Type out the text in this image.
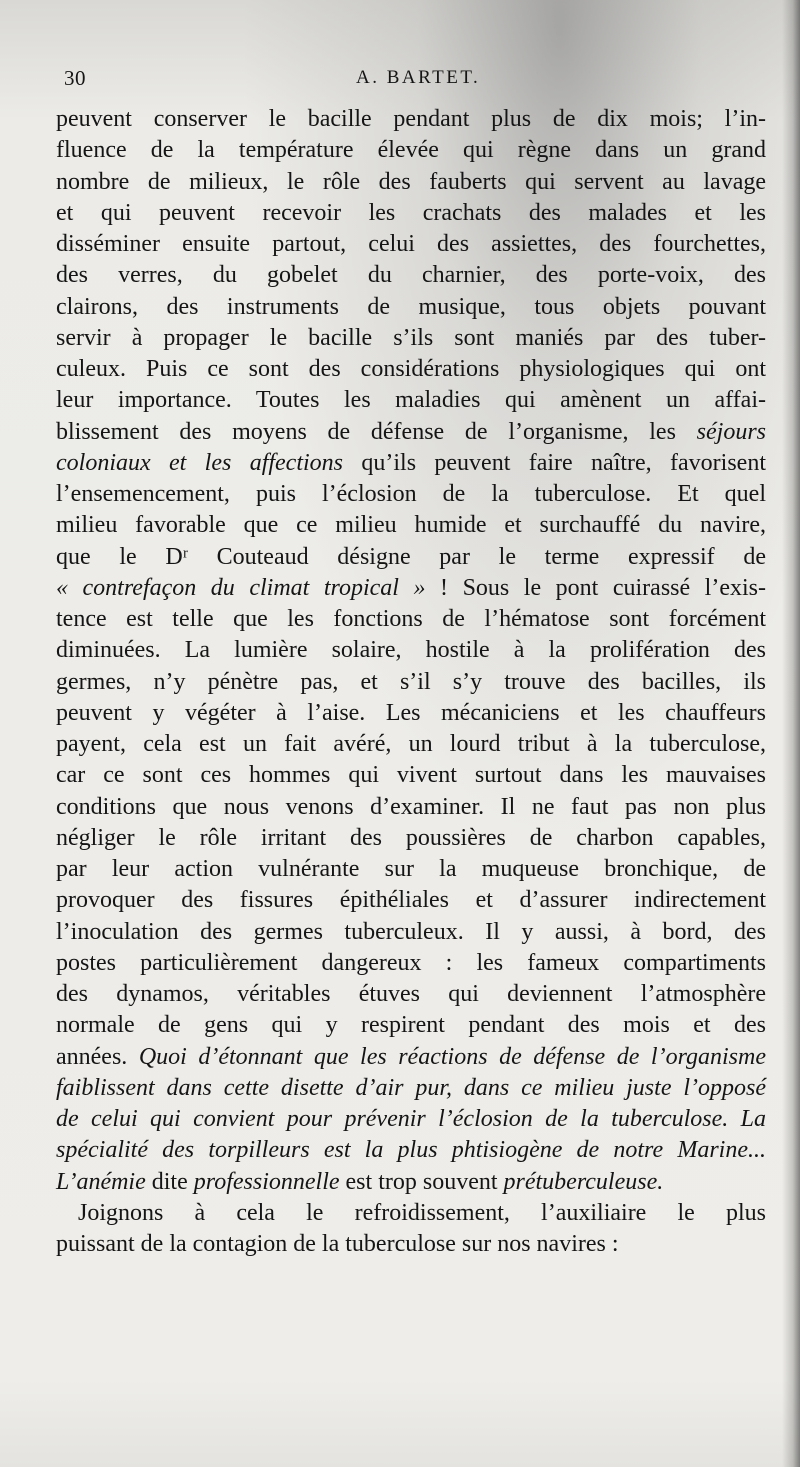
30	A. BARTET.
peuvent conserver le bacille pendant plus de dix mois; l’in-
fluence de la température élevée qui règne dans un grand
nombre de milieux, le rôle des fauberts qui servent au lavage
et qui peuvent recevoir les crachats des malades et les
disséminer ensuite partout, celui des assiettes, des fourchettes,
des verres, du gobelet du charnier, des porte-voix, des
clairons, des instruments de musique, tous objets pouvant
servir à propager le bacille s’ils sont maniés par des tuber-
culeux. Puis ce sont des considérations physiologiques qui ont
leur importance. Toutes les maladies qui amènent un affai-
blissement des moyens de défense de l’organisme, les séjours
coloniaux et les affections qu’ils peuvent faire naître, favorisent
l’ensemencement, puis l’éclosion de la tuberculose. Et quel
milieu favorable que ce milieu humide et surchauffé du navire,
que le Dʳ Couteaud désigne par le terme expressif de
« contrefaçon du climat tropical » ! Sous le pont cuirassé l’exis-
tence est telle que les fonctions de l’hématose sont forcément
diminuées. La lumière solaire, hostile à la prolifération des
germes, n’y pénètre pas, et s’il s’y trouve des bacilles, ils
peuvent y végéter à l’aise. Les mécaniciens et les chauffeurs
payent, cela est un fait avéré, un lourd tribut à la tuberculose,
car ce sont ces hommes qui vivent surtout dans les mauvaises
conditions que nous venons d’examiner. Il ne faut pas non plus
négliger le rôle irritant des poussières de charbon capables,
par leur action vulnérante sur la muqueuse bronchique, de
provoquer des fissures épithéliales et d’assurer indirectement
l’inoculation des germes tuberculeux. Il y aussi, à bord, des
postes particulièrement dangereux : les fameux compartiments
des dynamos, véritables étuves qui deviennent l’atmosphère
normale de gens qui y respirent pendant des mois et des
années. Quoi d’étonnant que les réactions de défense de l’organisme
faiblissent dans cette disette d’air pur, dans ce milieu juste l’opposé
de celui qui convient pour prévenir l’éclosion de la tuberculose. La
spécialité des torpilleurs est la plus phtisiogène de notre Marine...
L’anémie dite professionnelle est trop souvent prétuberculeuse.
Joignons à cela le refroidissement, l’auxiliaire le plus
puissant de la contagion de la tuberculose sur nos navires :
